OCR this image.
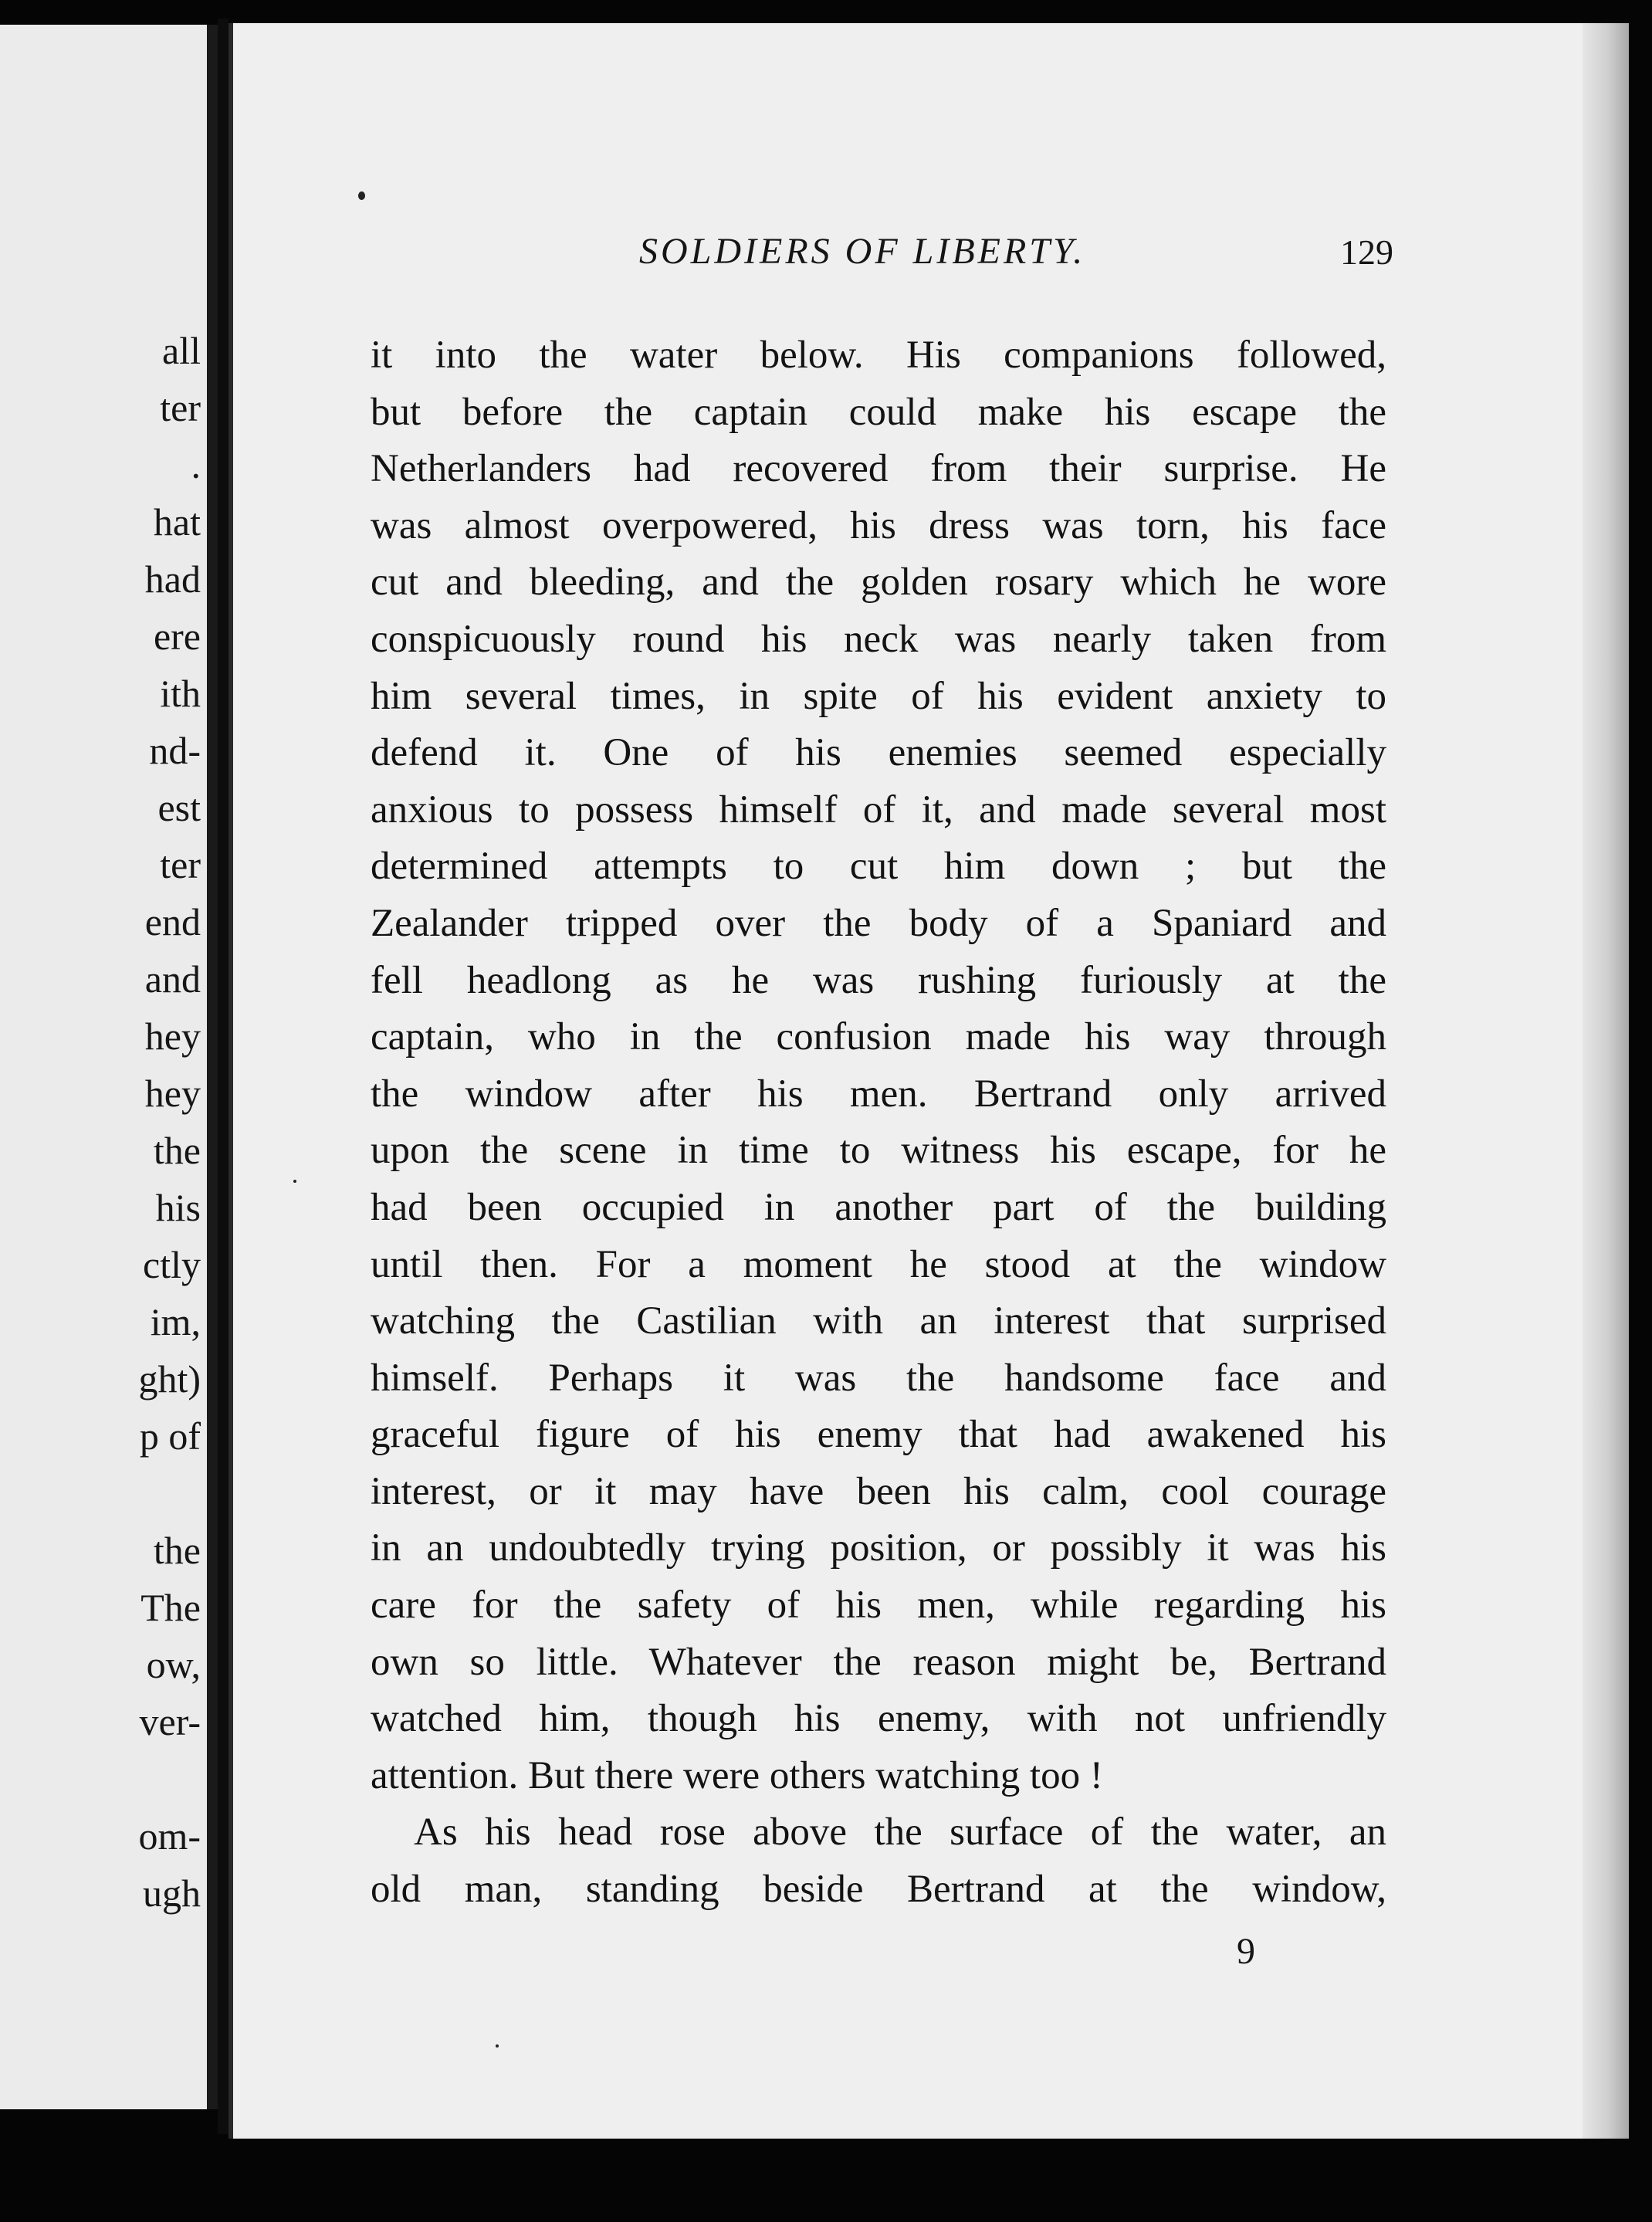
all
ter
.
hat
had
ere
ith
nd-
est
ter
end
and
hey
hey
the
his
ctly
im,
ght)
p of
the
The
ow,
ver-
om-
ugh
SOLDIERS OF LIBERTY.	129
it into the water below. His companions followed,
but before the captain could make his escape the
Netherlanders had recovered from their surprise. He
was almost overpowered, his dress was torn, his face
cut and bleeding, and the golden rosary which he wore
conspicuously round his neck was nearly taken from
him several times, in spite of his evident anxiety to
defend it. One of his enemies seemed especially
anxious to possess himself of it, and made several most
determined attempts to cut him down ; but the
Zealander tripped over the body of a Spaniard and
fell headlong as he was rushing furiously at the
captain, who in the confusion made his way through
the window after his men. Bertrand only arrived
upon the scene in time to witness his escape, for he
had been occupied in another part of the building
until then. For a moment he stood at the window
watching the Castilian with an interest that surprised
himself. Perhaps it was the handsome face and
graceful figure of his enemy that had awakened his
interest, or it may have been his calm, cool courage
in an undoubtedly trying position, or possibly it was his
care for the safety of his men, while regarding his
own so little. Whatever the reason might be, Bertrand
watched him, though his enemy, with not unfriendly
attention. But there were others watching too !
As his head rose above the surface of the water, an
old man, standing beside Bertrand at the window,
9
